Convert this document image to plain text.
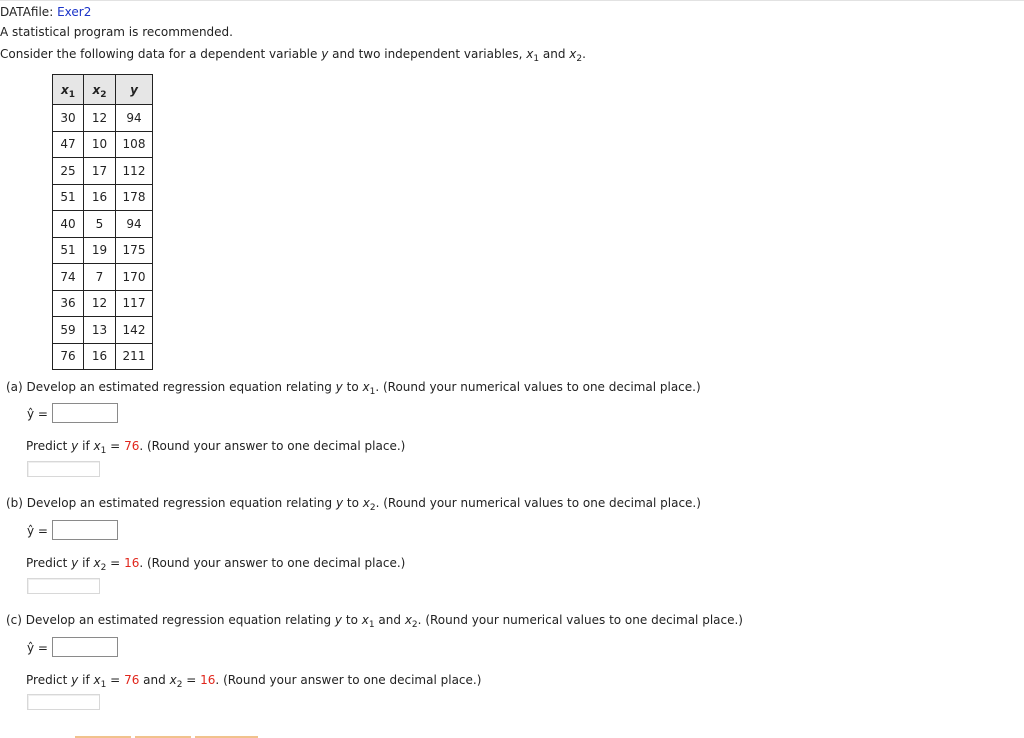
DATAfile: Exer2
A statistical program is recommended.
Consider the following data for a dependent variable y and two independent variables, $x_1$ and $x_2$.
$x_1$	$x_2$	y
30	12	94
47	10	108
25	17	112
51	16	178
40	5	94
51	19	175
74	7	170
36	12	117
59	13	142
76	16	211
(a) Develop an estimated regression equation relating y to $x_1$. (Round your numerical values to one decimal place.)
ŷ =
Predict y if $x_1 = 76$. (Round your answer to one decimal place.)
(b) Develop an estimated regression equation relating y to $x_2$. (Round your numerical values to one decimal place.)
ŷ =
Predict y if $x_2 = 16$. (Round your answer to one decimal place.)
(c) Develop an estimated regression equation relating y to $x_1$ and $x_2$. (Round your numerical values to one decimal place.)
ŷ =
Predict y if $x_1 = 76$ and $x_2 = 16$. (Round your answer to one decimal place.)
